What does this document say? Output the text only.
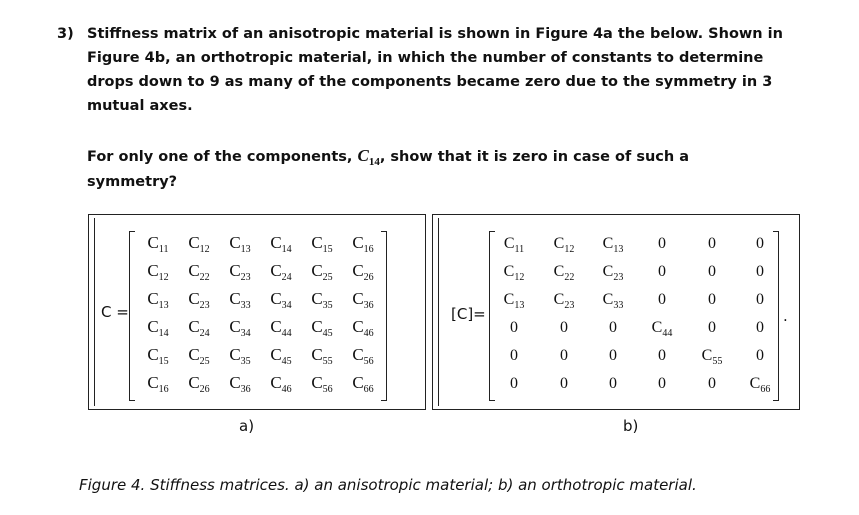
3) Stiffness matrix of an anisotropic material is shown in Figure 4a the below. Shown in
Figure 4b, an orthotropic material, in which the number of constants to determine
drops down to 9 as many of the components became zero due to the symmetry in 3
mutual axes.
For only one of the components, $C_{14}$, show that it is zero in case of such a
symmetry?
C =
$C_{11}$	$C_{12}$	$C_{13}$	$C_{14}$	$C_{15}$	$C_{16}$
$C_{12}$	$C_{22}$	$C_{23}$	$C_{24}$	$C_{25}$	$C_{26}$
$C_{13}$	$C_{23}$	$C_{33}$	$C_{34}$	$C_{35}$	$C_{36}$
$C_{14}$	$C_{24}$	$C_{34}$	$C_{44}$	$C_{45}$	$C_{46}$
$C_{15}$	$C_{25}$	$C_{35}$	$C_{45}$	$C_{55}$	$C_{56}$
$C_{16}$	$C_{26}$	$C_{36}$	$C_{46}$	$C_{56}$	$C_{66}$
a)
[C]=
$C_{11}$	$C_{12}$	$C_{13}$	0	0	0
$C_{12}$	$C_{22}$	$C_{23}$	0	0	0
$C_{13}$	$C_{23}$	$C_{33}$	0	0	0
0	0	0	$C_{44}$	0	0
0	0	0	0	$C_{55}$	0
0	0	0	0	0	$C_{66}$
.
b)
Figure 4. Stiffness matrices. a) an anisotropic material; b) an orthotropic material.
